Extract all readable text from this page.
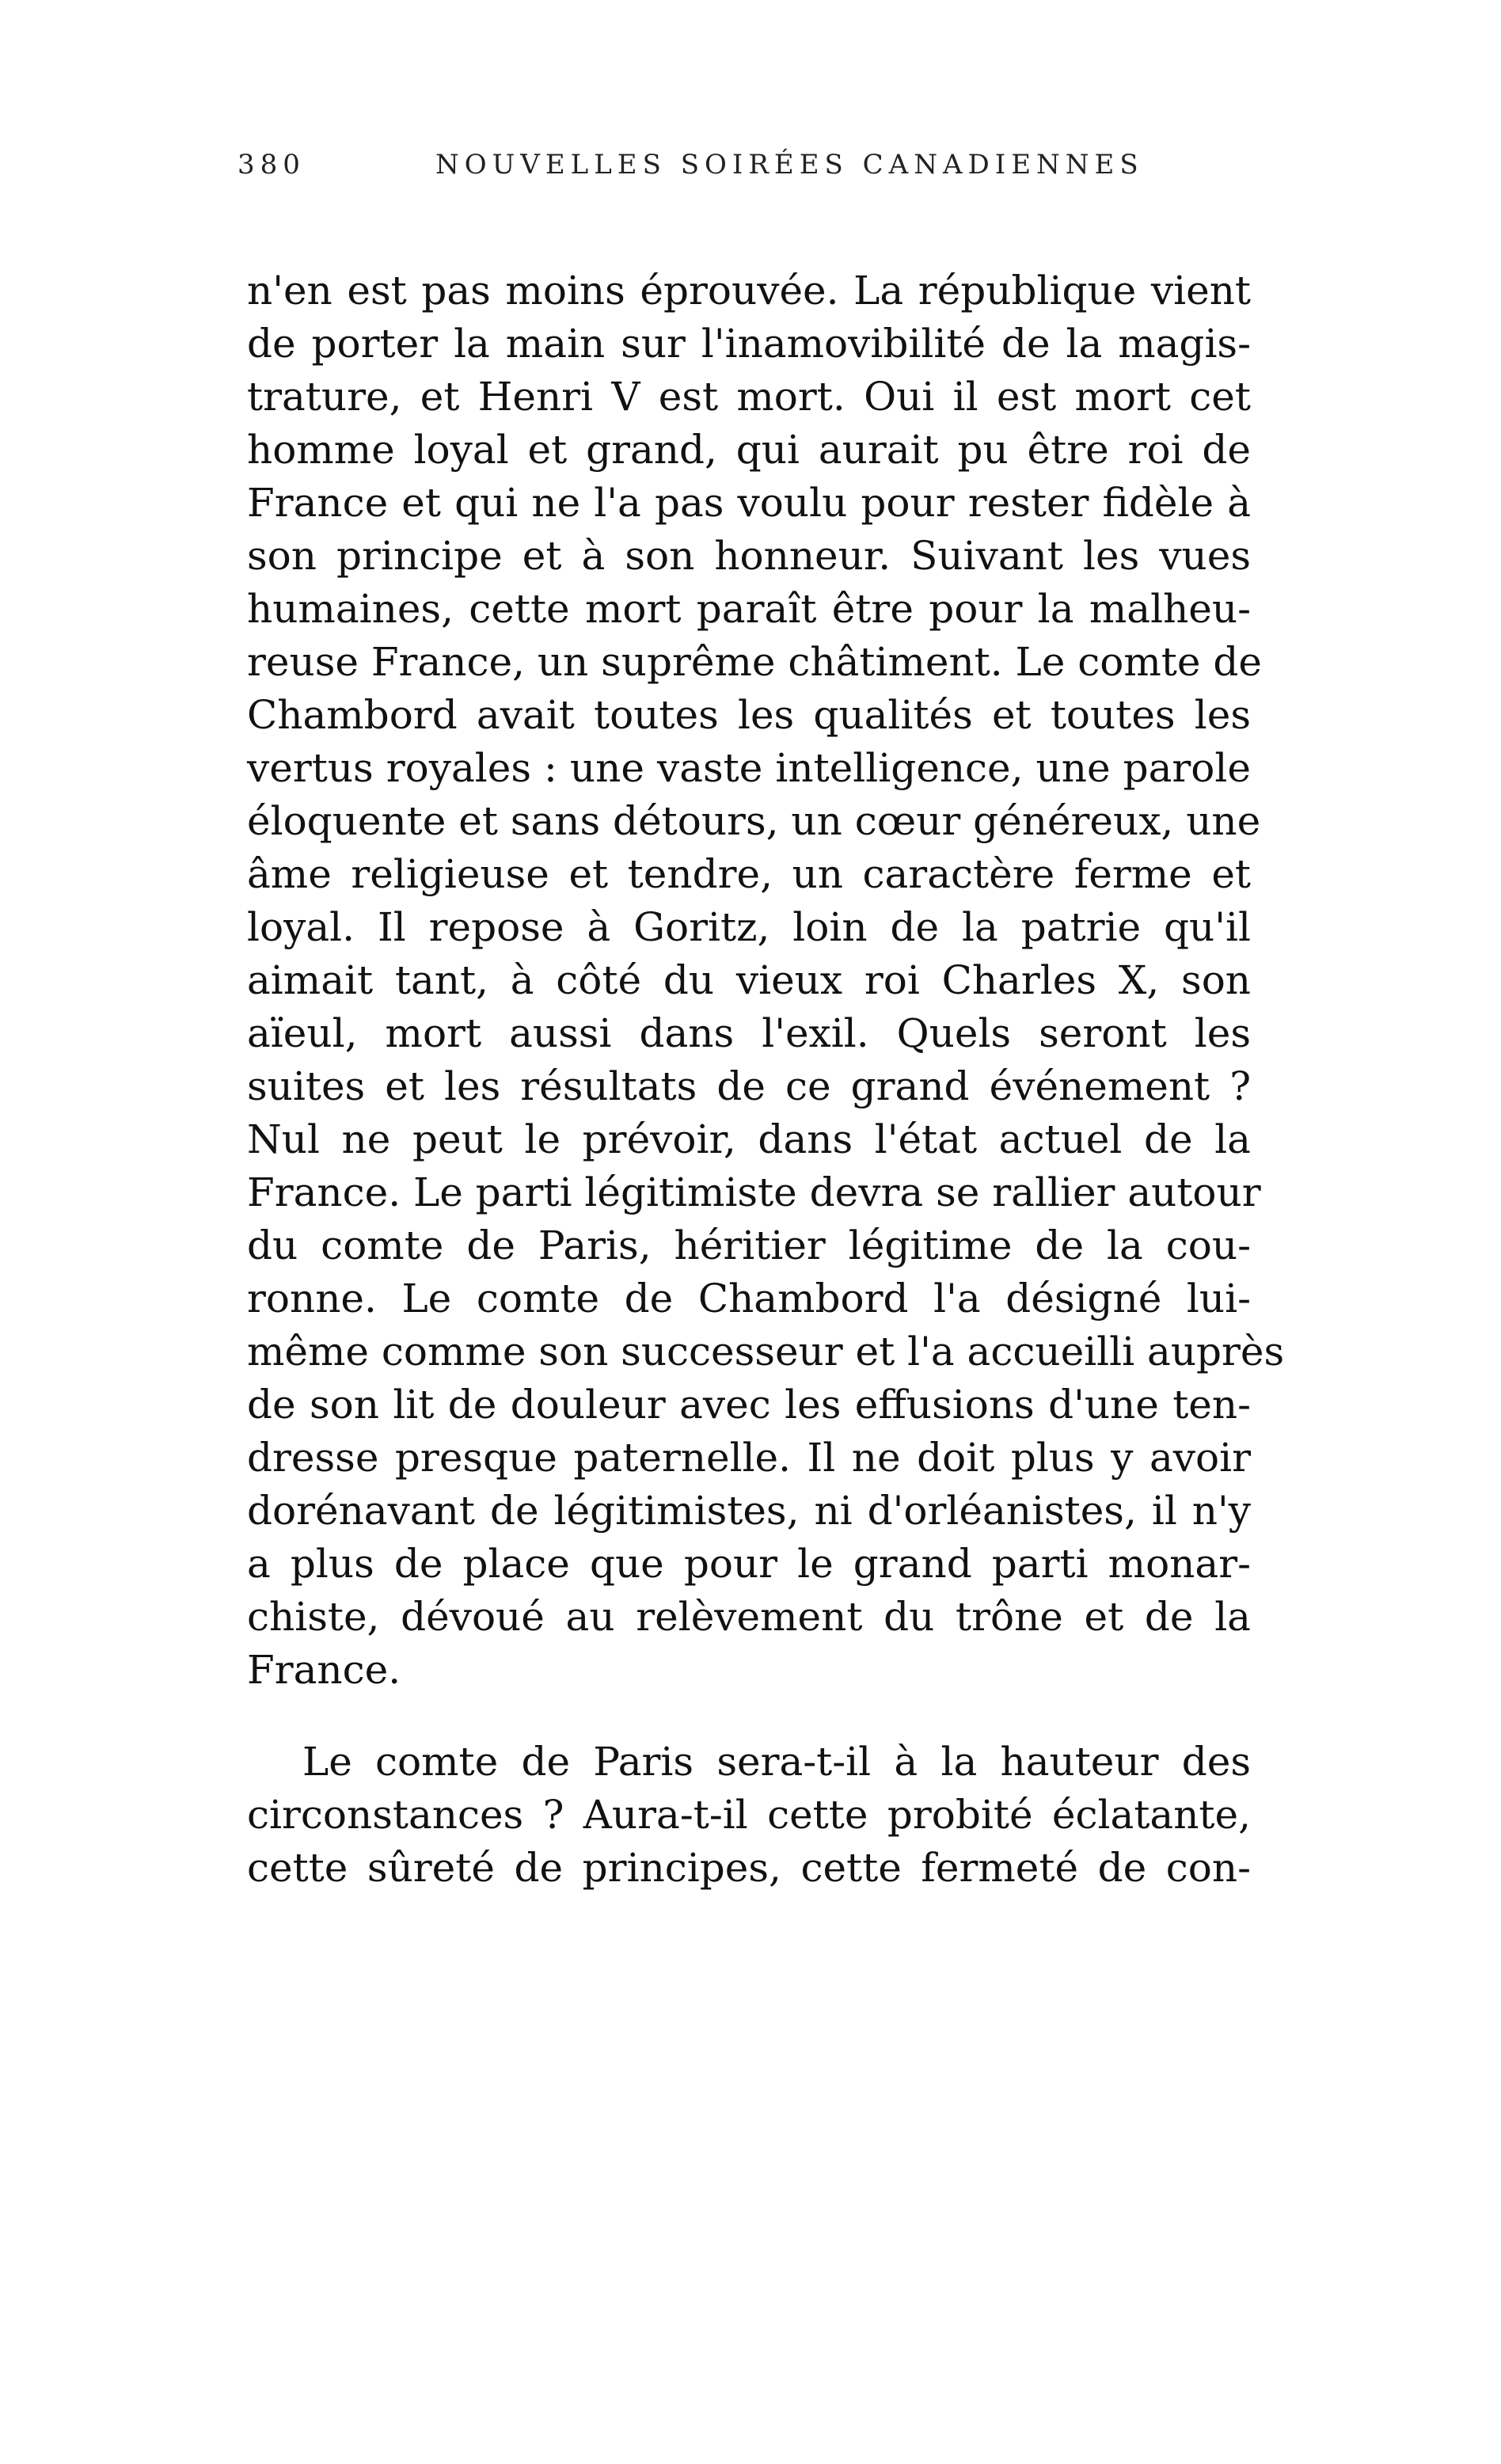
380	NOUVELLES SOIRÉES CANADIENNES
n'en est pas moins éprouvée. La république vient
de porter la main sur l'inamovibilité de la magis-
trature, et Henri V est mort. Oui il est mort cet
homme loyal et grand, qui aurait pu être roi de
France et qui ne l'a pas voulu pour rester fidèle à
son principe et à son honneur. Suivant les vues
humaines, cette mort paraît être pour la malheu-
reuse France, un suprême châtiment. Le comte de
Chambord avait toutes les qualités et toutes les
vertus royales : une vaste intelligence, une parole
éloquente et sans détours, un cœur généreux, une
âme religieuse et tendre, un caractère ferme et
loyal. Il repose à Goritz, loin de la patrie qu'il
aimait tant, à côté du vieux roi Charles X, son
aïeul, mort aussi dans l'exil. Quels seront les
suites et les résultats de ce grand événement ?
Nul ne peut le prévoir, dans l'état actuel de la
France. Le parti légitimiste devra se rallier autour
du comte de Paris, héritier légitime de la cou-
ronne. Le comte de Chambord l'a désigné lui-
même comme son successeur et l'a accueilli auprès
de son lit de douleur avec les effusions d'une ten-
dresse presque paternelle. Il ne doit plus y avoir
dorénavant de légitimistes, ni d'orléanistes, il n'y
a plus de place que pour le grand parti monar-
chiste, dévoué au relèvement du trône et de la
France.
Le comte de Paris sera-t-il à la hauteur des
circonstances ? Aura-t-il cette probité éclatante,
cette sûreté de principes, cette fermeté de con-
